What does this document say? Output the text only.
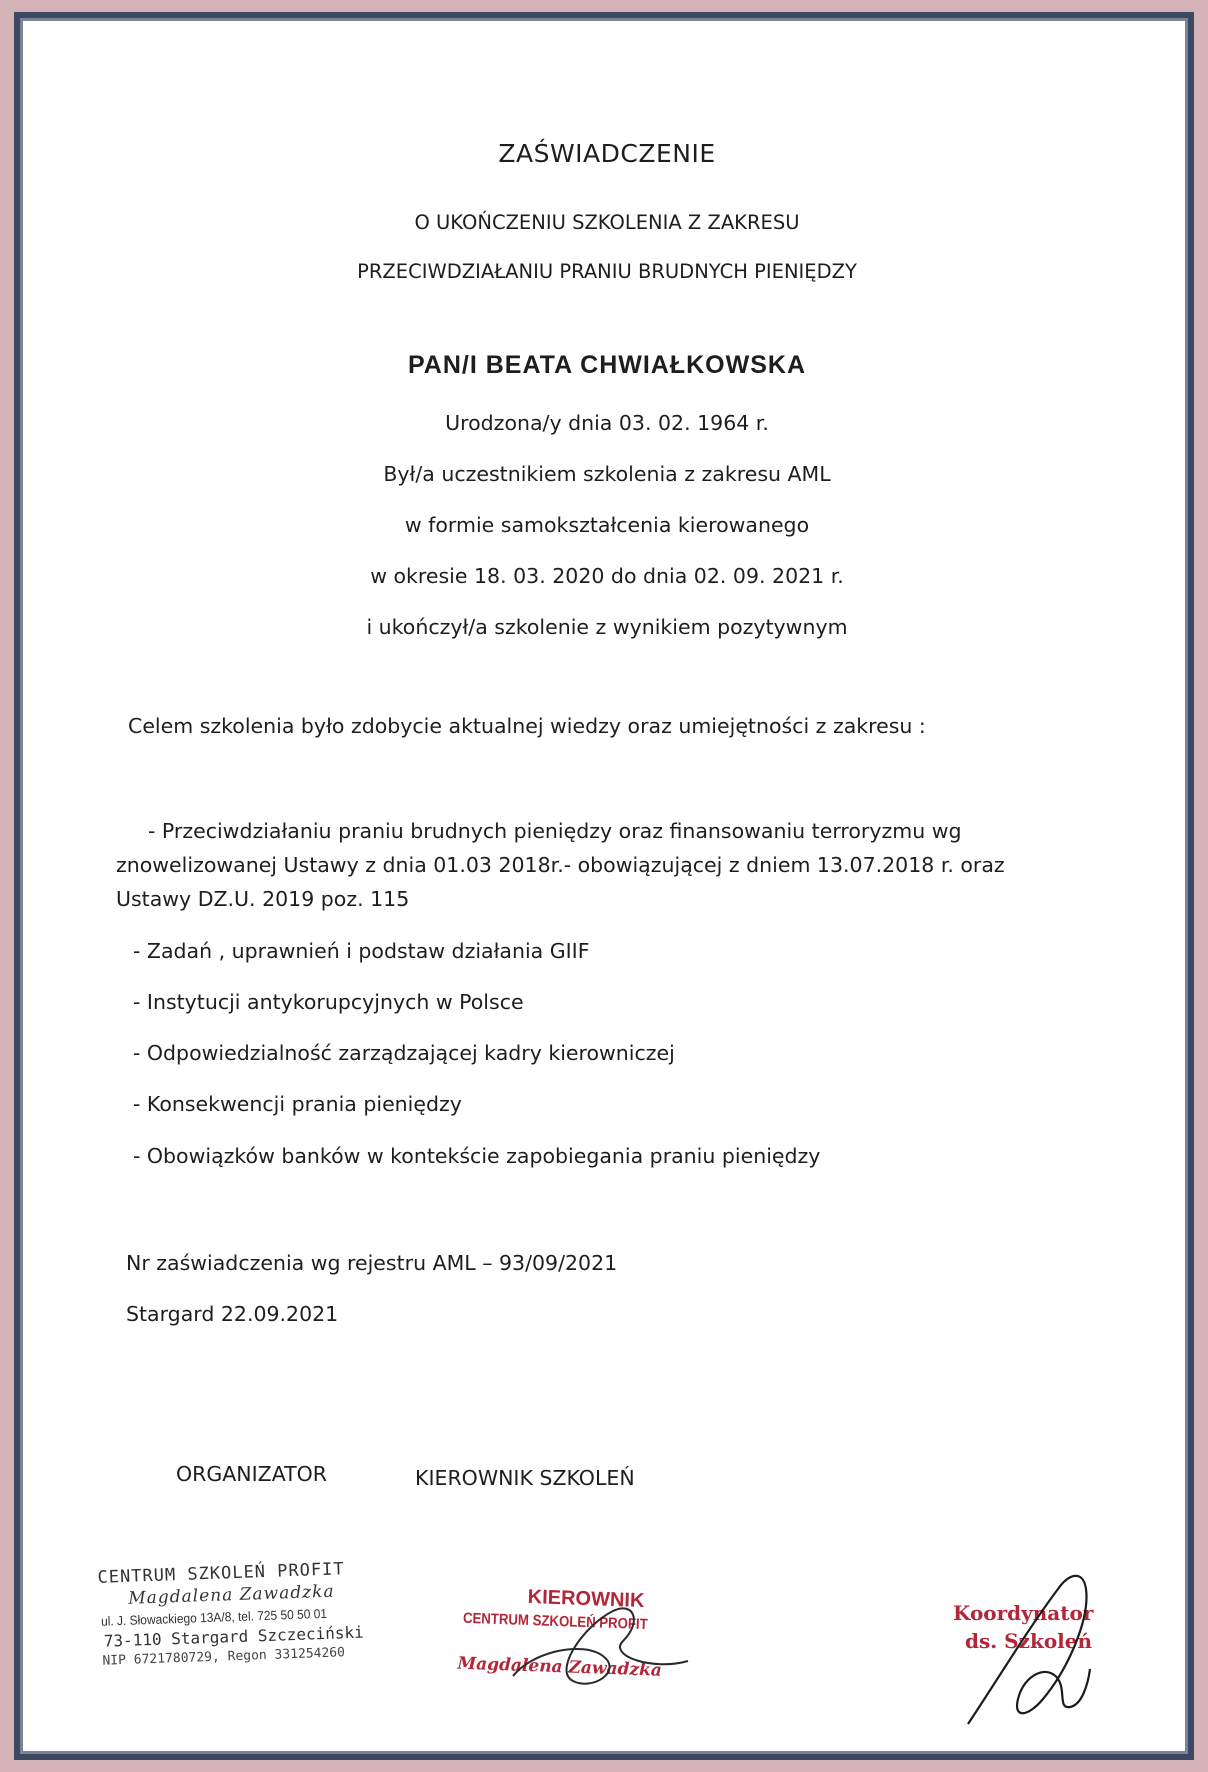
ZAŚWIADCZENIE
O UKOŃCZENIU SZKOLENIA Z ZAKRESU
PRZECIWDZIAŁANIU PRANIU BRUDNYCH PIENIĘDZY
PAN/I BEATA CHWIAŁKOWSKA
Urodzona/y dnia 03. 02. 1964 r.
Był/a uczestnikiem szkolenia z zakresu AML
w formie samokształcenia kierowanego
w okresie 18. 03. 2020 do dnia 02. 09. 2021 r.
i ukończył/a szkolenie z wynikiem pozytywnym
Celem szkolenia było zdobycie aktualnej wiedzy oraz umiejętności z zakresu :
- Przeciwdziałaniu praniu brudnych pieniędzy oraz finansowaniu terroryzmu wg
znowelizowanej Ustawy z dnia 01.03 2018r.- obowiązującej z dniem 13.07.2018 r. oraz
Ustawy DZ.U. 2019 poz. 115
- Zadań , uprawnień i podstaw działania GIIF
- Instytucji antykorupcyjnych w Polsce
- Odpowiedzialność zarządzającej kadry kierowniczej
- Konsekwencji prania pieniędzy
- Obowiązków banków w kontekście zapobiegania praniu pieniędzy
Nr zaświadczenia wg rejestru AML – 93/09/2021
Stargard 22.09.2021
ORGANIZATOR	KIEROWNIK SZKOLEŃ
CENTRUM SZKOLEŃ PROFIT
Magdalena Zawadzka
ul. J. Słowackiego 13A/8, tel. 725 50 50 01
73-110 Stargard Szczeciński
NIP 6721780729, Regon 331254260
KIEROWNIK
CENTRUM SZKOLEŃ PROFIT
Magdalena Zawadzka
Koordynator
ds. Szkoleń
